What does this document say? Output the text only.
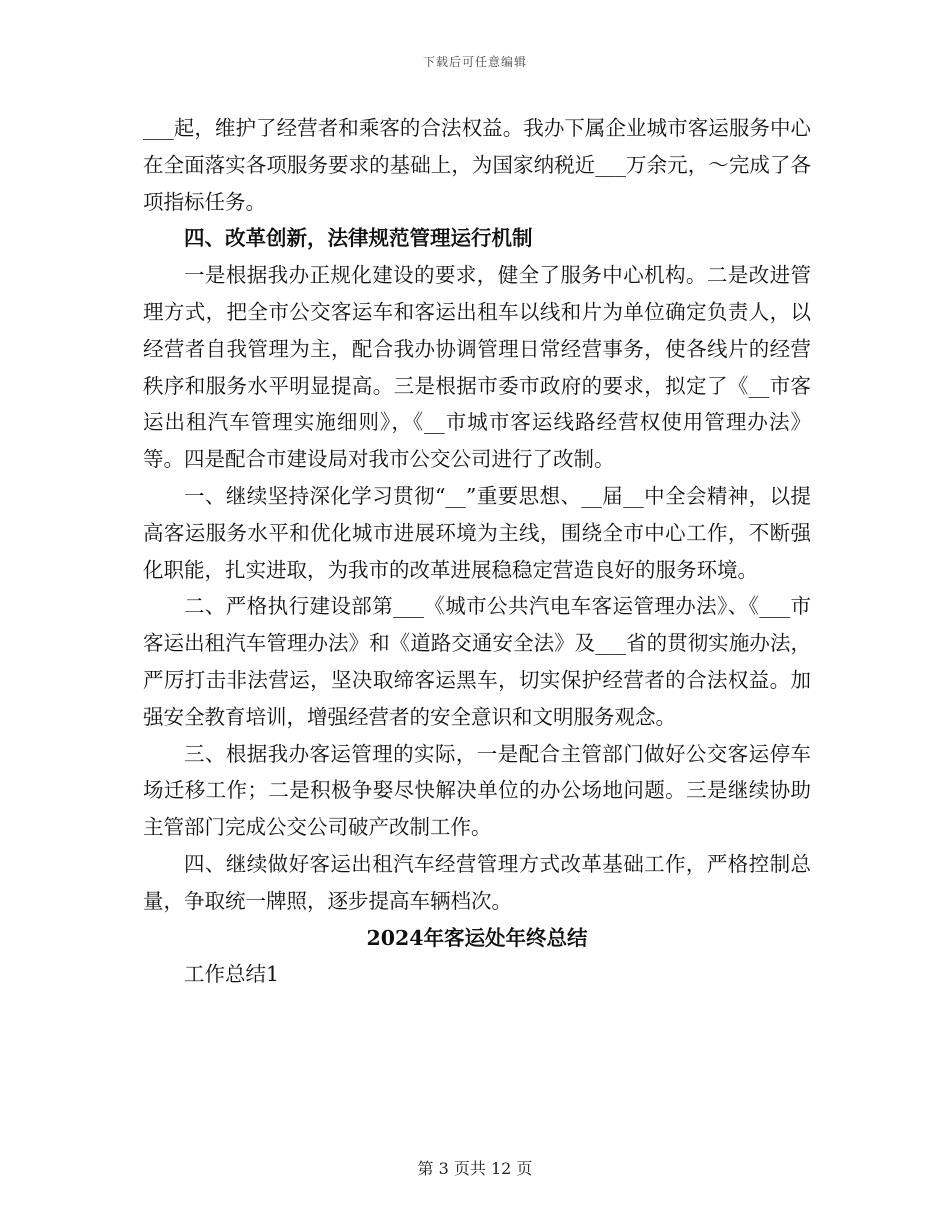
下载后可任意编辑

___起，维护了经营者和乘客的合法权益。我办下属企业城市客运服务中心在全面落实各项服务要求的基础上，为国家纳税近___万余元，～完成了各项指标任务。

四、改革创新，法律规范管理运行机制

一是根据我办正规化建设的要求，健全了服务中心机构。二是改进管理方式，把全市公交客运车和客运出租车以线和片为单位确定负责人，以经营者自我管理为主，配合我办协调管理日常经营事务，使各线片的经营秩序和服务水平明显提高。三是根据市委市政府的要求，拟定了《__市客运出租汽车管理实施细则》，《__市城市客运线路经营权使用管理办法》等。四是配合市建设局对我市公交公司进行了改制。

一、继续坚持深化学习贯彻“__”重要思想、__届__中全会精神，以提高客运服务水平和优化城市进展环境为主线，围绕全市中心工作，不断强化职能，扎实进取，为我市的改革进展稳稳定营造良好的服务环境。

二、严格执行建设部第___《城市公共汽电车客运管理办法》、《___市客运出租汽车管理办法》和《道路交通安全法》及___省的贯彻实施办法，严厉打击非法营运，坚决取缔客运黑车，切实保护经营者的合法权益。加强安全教育培训，增强经营者的安全意识和文明服务观念。

三、根据我办客运管理的实际，一是配合主管部门做好公交客运停车场迁移工作；二是积极争娶尽快解决单位的办公场地问题。三是继续协助主管部门完成公交公司破产改制工作。

四、继续做好客运出租汽车经营管理方式改革基础工作，严格控制总量，争取统一牌照，逐步提高车辆档次。

2024年客运处年终总结

工作总结1

第 3 页共 12 页
